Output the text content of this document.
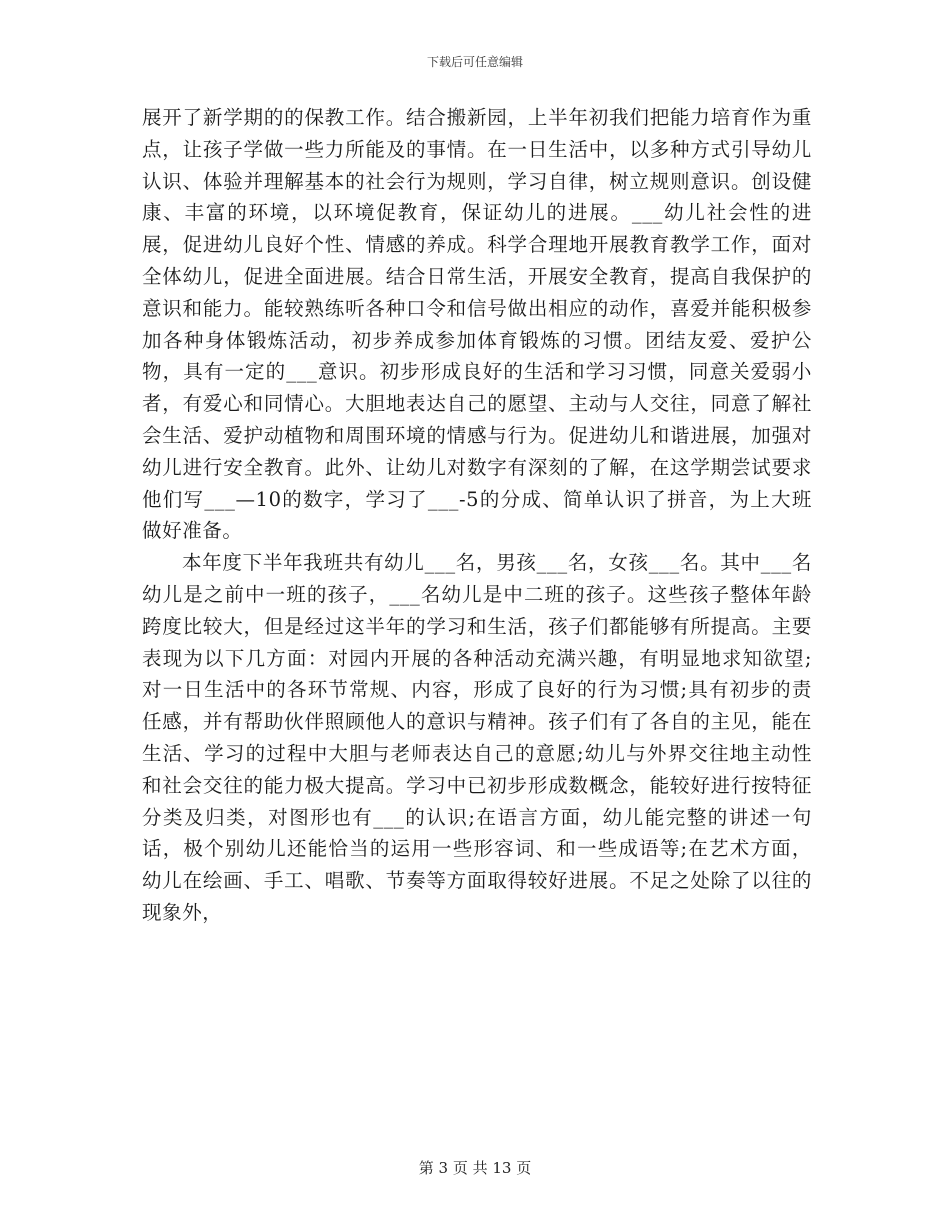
下载后可任意编辑

展开了新学期的的保教工作。结合搬新园，上半年初我们把能力培育作为重点，让孩子学做一些力所能及的事情。在一日生活中，以多种方式引导幼儿认识、体验并理解基本的社会行为规则，学习自律，树立规则意识。创设健康、丰富的环境，以环境促教育，保证幼儿的进展。___幼儿社会性的进展，促进幼儿良好个性、情感的养成。科学合理地开展教育教学工作，面对全体幼儿，促进全面进展。结合日常生活，开展安全教育，提高自我保护的意识和能力。能较熟练听各种口令和信号做出相应的动作，喜爱并能积极参加各种身体锻炼活动，初步养成参加体育锻炼的习惯。团结友爱、爱护公物，具有一定的___意识。初步形成良好的生活和学习习惯，同意关爱弱小者，有爱心和同情心。大胆地表达自己的愿望、主动与人交往，同意了解社会生活、爱护动植物和周围环境的情感与行为。促进幼儿和谐进展，加强对幼儿进行安全教育。此外、让幼儿对数字有深刻的了解，在这学期尝试要求他们写___—10的数字，学习了___-5的分成、简单认识了拼音，为上大班做好准备。

本年度下半年我班共有幼儿___名，男孩___名，女孩___名。其中___名幼儿是之前中一班的孩子，___名幼儿是中二班的孩子。这些孩子整体年龄跨度比较大，但是经过这半年的学习和生活，孩子们都能够有所提高。主要表现为以下几方面：对园内开展的各种活动充满兴趣，有明显地求知欲望;对一日生活中的各环节常规、内容，形成了良好的行为习惯;具有初步的责任感，并有帮助伙伴照顾他人的意识与精神。孩子们有了各自的主见，能在生活、学习的过程中大胆与老师表达自己的意愿;幼儿与外界交往地主动性和社会交往的能力极大提高。学习中已初步形成数概念，能较好进行按特征分类及归类，对图形也有___的认识;在语言方面，幼儿能完整的讲述一句话，极个别幼儿还能恰当的运用一些形容词、和一些成语等;在艺术方面，幼儿在绘画、手工、唱歌、节奏等方面取得较好进展。不足之处除了以往的现象外，

第 3 页 共 13 页
